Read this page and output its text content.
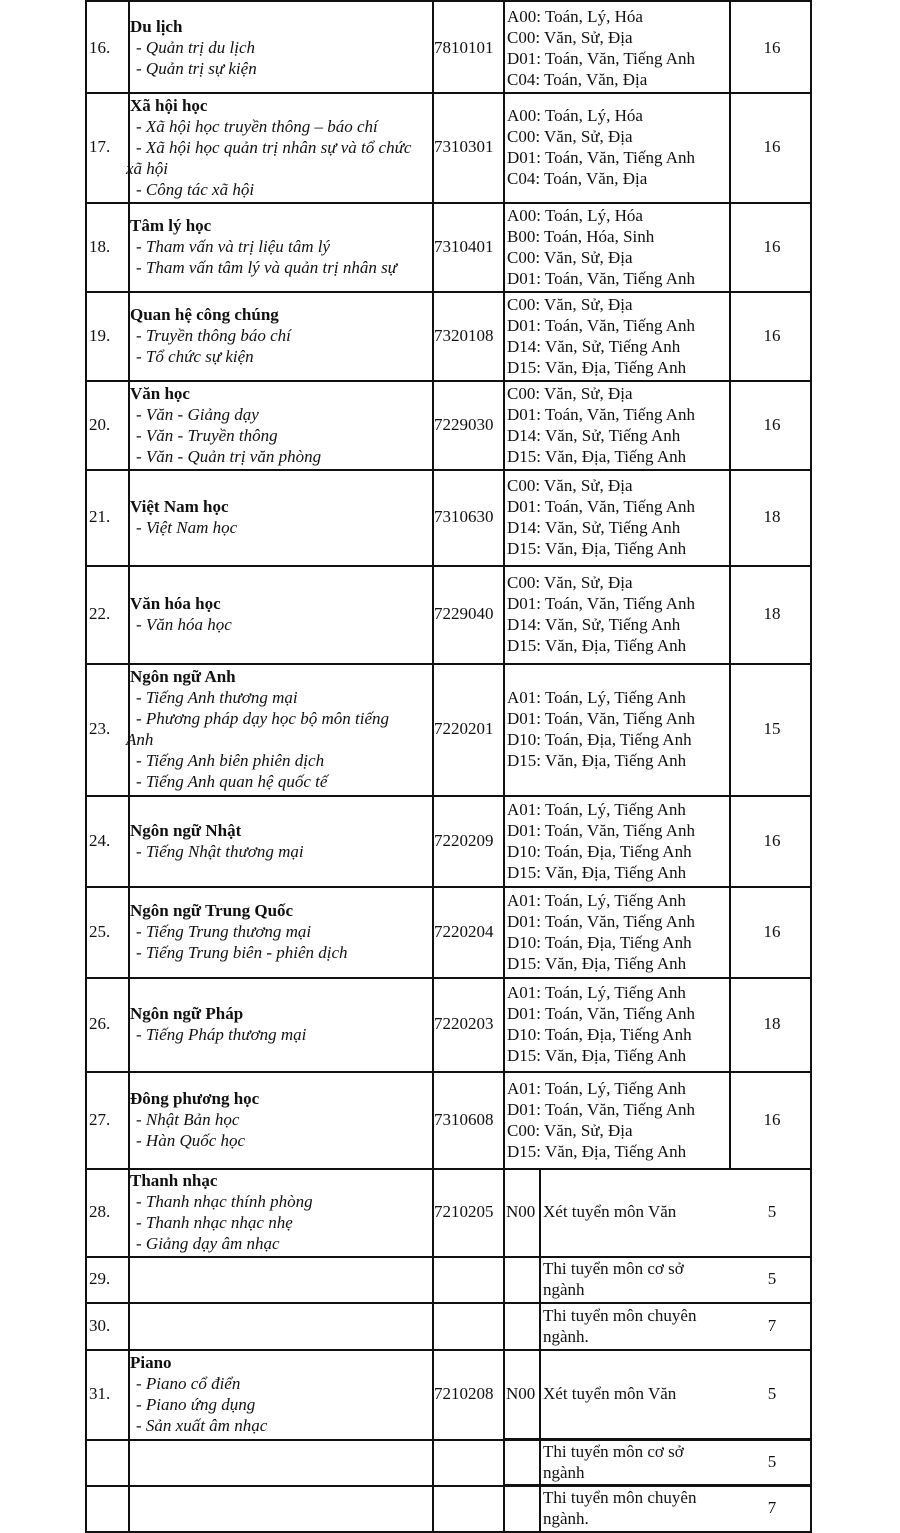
16.
Du lịch
- Quản trị du lịch
- Quản trị sự kiện
7810101
A00: Toán, Lý, Hóa
C00: Văn, Sử, Địa
D01: Toán, Văn, Tiếng Anh
C04: Toán, Văn, Địa
16
17.
Xã hội học
- Xã hội học truyền thông – báo chí
- Xã hội học quản trị nhân sự và tổ chức
xã hội
- Công tác xã hội
7310301
A00: Toán, Lý, Hóa
C00: Văn, Sử, Địa
D01: Toán, Văn, Tiếng Anh
C04: Toán, Văn, Địa
16
18.
Tâm lý học
- Tham vấn và trị liệu tâm lý
- Tham vấn tâm lý và quản trị nhân sự
7310401
A00: Toán, Lý, Hóa
B00: Toán, Hóa, Sinh
C00: Văn, Sử, Địa
D01: Toán, Văn, Tiếng Anh
16
19.
Quan hệ công chúng
- Truyền thông báo chí
- Tổ chức sự kiện
7320108
C00: Văn, Sử, Địa
D01: Toán, Văn, Tiếng Anh
D14: Văn, Sử, Tiếng Anh
D15: Văn, Địa, Tiếng Anh
16
20.
Văn học
- Văn - Giảng dạy
- Văn - Truyền thông
- Văn - Quản trị văn phòng
7229030
C00: Văn, Sử, Địa
D01: Toán, Văn, Tiếng Anh
D14: Văn, Sử, Tiếng Anh
D15: Văn, Địa, Tiếng Anh
16
21.
Việt Nam học
- Việt Nam học
7310630
C00: Văn, Sử, Địa
D01: Toán, Văn, Tiếng Anh
D14: Văn, Sử, Tiếng Anh
D15: Văn, Địa, Tiếng Anh
18
22.
Văn hóa học
- Văn hóa học
7229040
C00: Văn, Sử, Địa
D01: Toán, Văn, Tiếng Anh
D14: Văn, Sử, Tiếng Anh
D15: Văn, Địa, Tiếng Anh
18
23.
Ngôn ngữ Anh
- Tiếng Anh thương mại
- Phương pháp dạy học bộ môn tiếng
Anh
- Tiếng Anh biên phiên dịch
- Tiếng Anh quan hệ quốc tế
7220201
A01: Toán, Lý, Tiếng Anh
D01: Toán, Văn, Tiếng Anh
D10: Toán, Địa, Tiếng Anh
D15: Văn, Địa, Tiếng Anh
15
24.
Ngôn ngữ Nhật
- Tiếng Nhật thương mại
7220209
A01: Toán, Lý, Tiếng Anh
D01: Toán, Văn, Tiếng Anh
D10: Toán, Địa, Tiếng Anh
D15: Văn, Địa, Tiếng Anh
16
25.
Ngôn ngữ Trung Quốc
- Tiếng Trung thương mại
- Tiếng Trung biên - phiên dịch
7220204
A01: Toán, Lý, Tiếng Anh
D01: Toán, Văn, Tiếng Anh
D10: Toán, Địa, Tiếng Anh
D15: Văn, Địa, Tiếng Anh
16
26.
Ngôn ngữ Pháp
- Tiếng Pháp thương mại
7220203
A01: Toán, Lý, Tiếng Anh
D01: Toán, Văn, Tiếng Anh
D10: Toán, Địa, Tiếng Anh
D15: Văn, Địa, Tiếng Anh
18
27.
Đông phương học
- Nhật Bản học
- Hàn Quốc học
7310608
A01: Toán, Lý, Tiếng Anh
D01: Toán, Văn, Tiếng Anh
C00: Văn, Sử, Địa
D15: Văn, Địa, Tiếng Anh
16
28.
Thanh nhạc
- Thanh nhạc thính phòng
- Thanh nhạc nhạc nhẹ
- Giảng dạy âm nhạc
7210205 N00 Xét tuyển môn Văn	5
31.
Piano
- Piano cổ điển
- Piano ứng dụng
- Sản xuất âm nhạc
7210208 N00 Xét tuyển môn Văn	5
29.
Thi tuyển môn cơ sở
ngành
5
30.
Thi tuyển môn chuyên
ngành.
7
Thi tuyển môn cơ sở
ngành
5
Thi tuyển môn chuyên
ngành.
7
